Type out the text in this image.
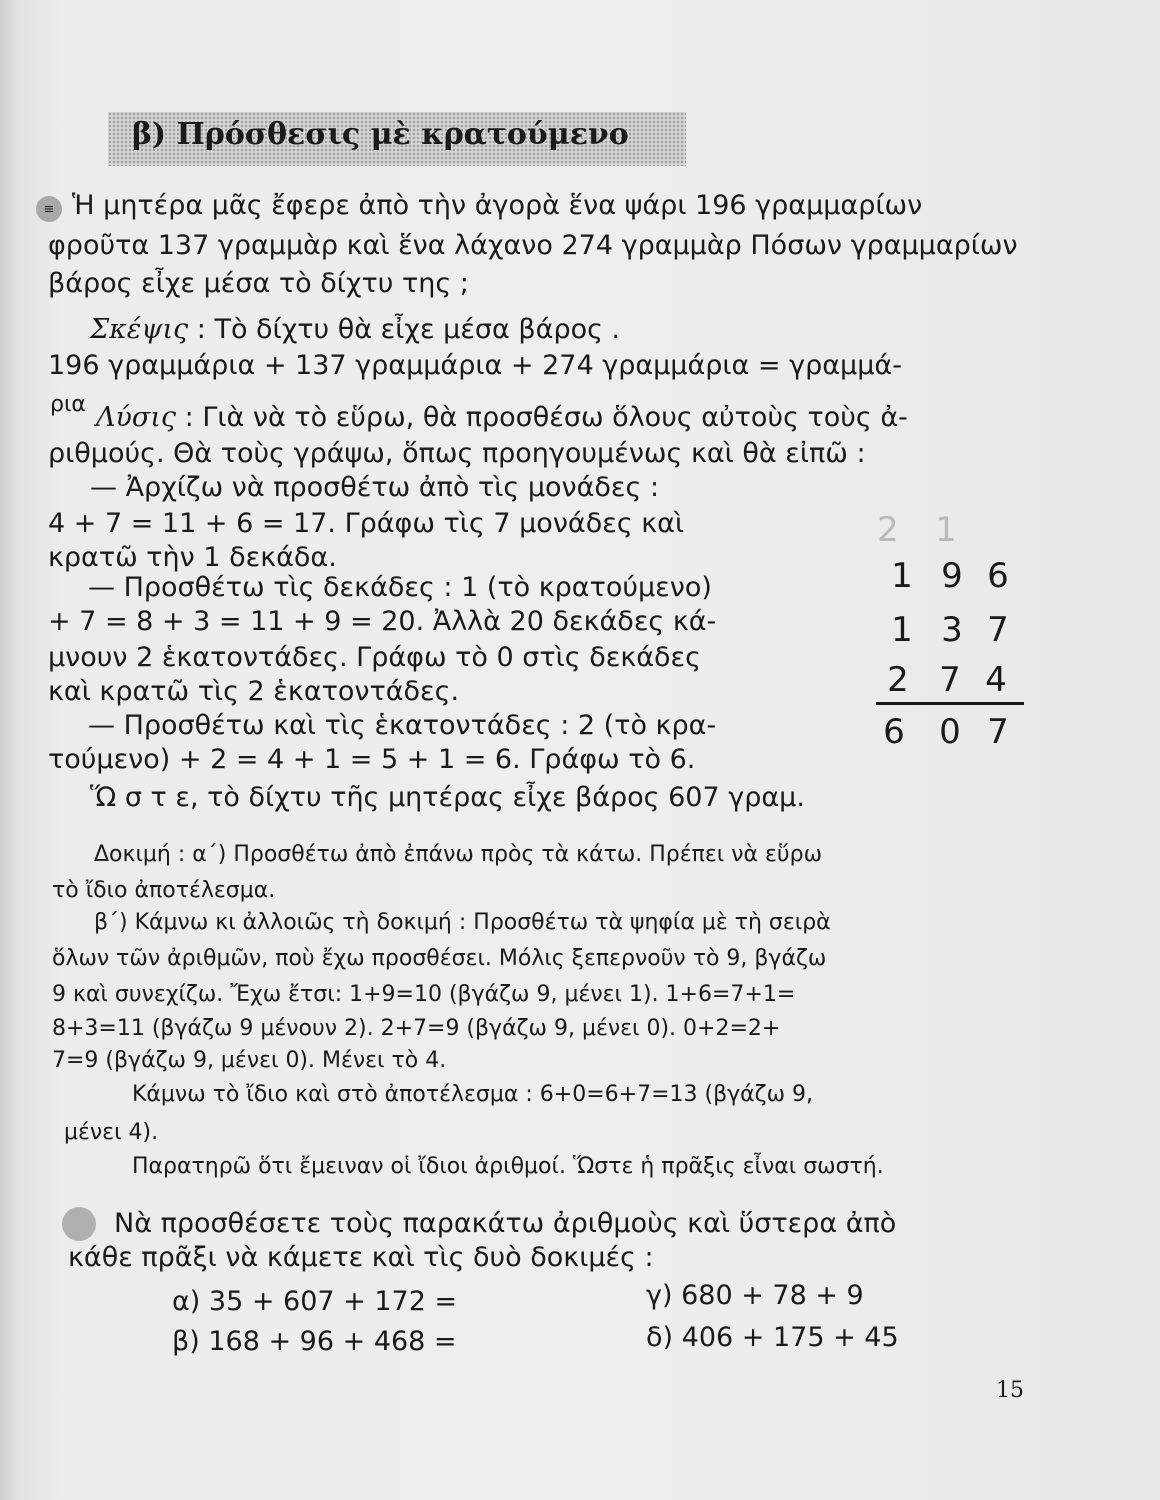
β) Πρόσθεσις μὲ κρατούμενο
≡ Ἡ μητέρα μᾶς ἔφερε ἀπὸ τὴν ἀγορὰ ἕνα ψάρι 196 γραμμαρίων
φροῦτα 137 γραμμὰρ καὶ ἕνα λάχανο 274 γραμμὰρ Πόσων γραμμαρίων
βάρος εἶχε μέσα τὸ δίχτυ της ;
Σκέψις : Τὸ δίχτυ θὰ εἶχε μέσα βάρος .
196 γραμμάρια + 137 γραμμάρια + 274 γραμμάρια = γραμμά-
ρια Λύσις : Γιὰ νὰ τὸ εὕρω, θὰ προσθέσω ὅλους αὐτοὺς τοὺς ἀ-
ριθμούς. Θὰ τοὺς γράψω, ὅπως προηγουμένως καὶ θὰ εἰπῶ :
— Ἀρχίζω νὰ προσθέτω ἀπὸ τὶς μονάδες :
4 + 7 = 11 + 6 = 17. Γράφω τὶς 7 μονάδες καὶ
κρατῶ τὴν 1 δεκάδα.
— Προσθέτω τὶς δεκάδες : 1 (τὸ κρατούμενο)
+ 7 = 8 + 3 = 11 + 9 = 20. Ἀλλὰ 20 δεκάδες κά-
μνουν 2 ἑκατοντάδες. Γράφω τὸ 0 στὶς δεκάδες
καὶ κρατῶ τὶς 2 ἑκατοντάδες.
— Προσθέτω καὶ τὶς ἑκατοντάδες : 2 (τὸ κρα-
τούμενο) + 2 = 4 + 1 = 5 + 1 = 6. Γράφω τὸ 6.
Ὥ σ τ ε, τὸ δίχτυ τῆς μητέρας εἶχε βάρος 607 γραμ.
2 1
1 9 6
1 3 7
2 7 4
6 0 7
Δοκιμή : α΄) Προσθέτω ἀπὸ ἐπάνω πρὸς τὰ κάτω. Πρέπει νὰ εὕρω
τὸ ἴδιο ἀποτέλεσμα.
β΄) Κάμνω κι ἀλλοιῶς τὴ δοκιμή : Προσθέτω τὰ ψηφία μὲ τὴ σειρὰ
ὅλων τῶν ἀριθμῶν, ποὺ ἔχω προσθέσει. Μόλις ξεπερνοῦν τὸ 9, βγάζω
9 καὶ συνεχίζω. Ἔχω ἔτσι: 1+9=10 (βγάζω 9, μένει 1). 1+6=7+1=
8+3=11 (βγάζω 9 μένουν 2). 2+7=9 (βγάζω 9, μένει 0). 0+2=2+
7=9 (βγάζω 9, μένει 0). Μένει τὸ 4.
Κάμνω τὸ ἴδιο καὶ στὸ ἀποτέλεσμα : 6+0=6+7=13 (βγάζω 9,
μένει 4).
Παρατηρῶ ὅτι ἔμειναν οἱ ἴδιοι ἀριθμοί. Ὥστε ἡ πρᾶξις εἶναι σωστή.
Νὰ προσθέσετε τοὺς παρακάτω ἀριθμοὺς καὶ ὕστερα ἀπὸ
κάθε πρᾶξι νὰ κάμετε καὶ τὶς δυὸ δοκιμές :
α) 35 + 607 + 172 =	γ) 680 + 78 + 9
β) 168 + 96 + 468 =	δ) 406 + 175 + 45
15
